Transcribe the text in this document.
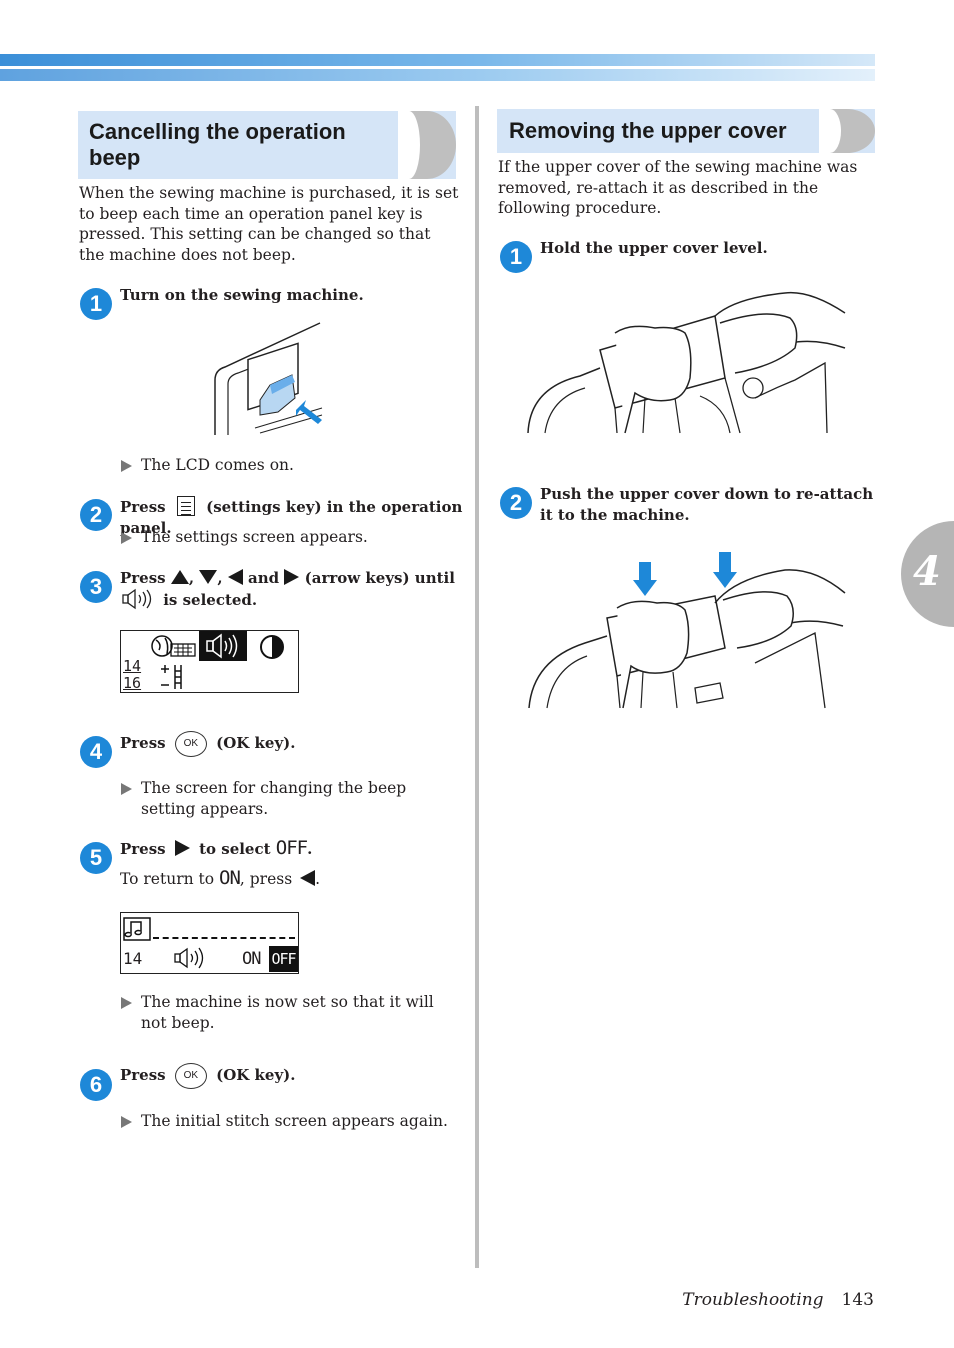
Cancelling the operation beep

When the sewing machine is purchased, it is set to beep each time an operation panel key is pressed. This setting can be changed so that the machine does not beep.

1	Turn on the sewing machine.
The LCD comes on.
2	Press	(settings key) in the operation panel.
The settings screen appears.
3	Press , , and (arrow keys) until
is selected.
14
16
4	Press OK (OK key).
The screen for changing the beep setting appears.
5	Press to select OFF.
To return to ON, press .
14	ON OFF
The machine is now set so that it will not beep.
6	Press OK (OK key).
The initial stitch screen appears again.
Removing the upper cover

If the upper cover of the sewing machine was removed, re-attach it as described in the following procedure.

1	Hold the upper cover level.
2	Push the upper cover down to re-attach it to the machine.
4
Troubleshooting 143
